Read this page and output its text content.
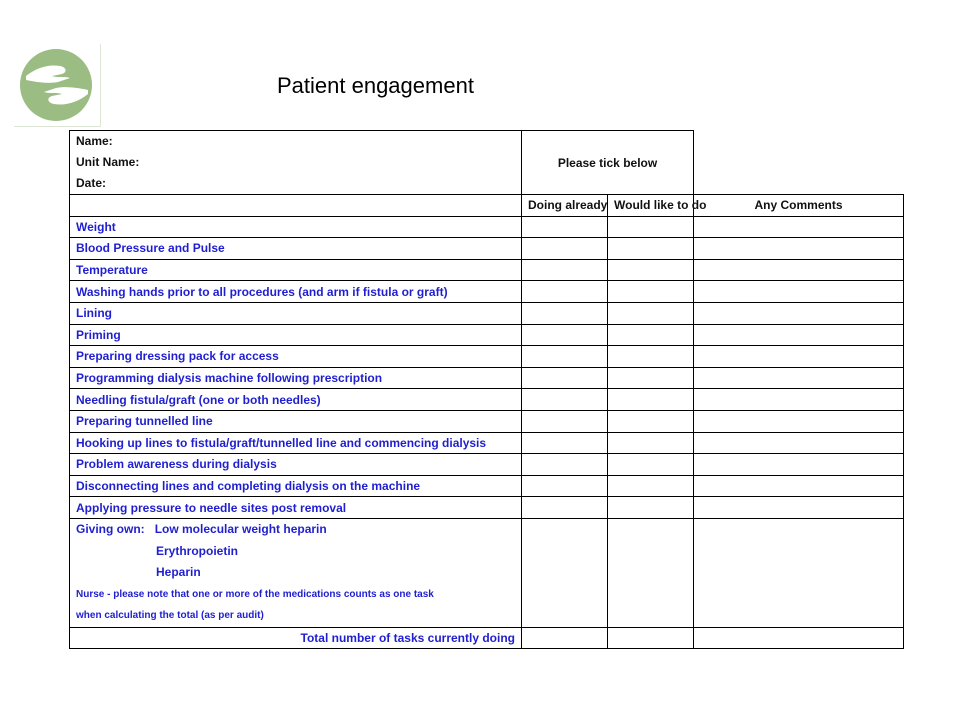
Patient engagement
Name:
Unit Name:
Date:	Please tick below		
	Doing already	Would like to do	Any Comments
Weight			
Blood Pressure and Pulse			
Temperature			
Washing hands prior to all procedures (and arm if fistula or graft)			
Lining			
Priming			
Preparing dressing pack for access			
Programming dialysis machine following prescription			
Needling fistula/graft (one or both needles)			
Preparing tunnelled line			
Hooking up lines to fistula/graft/tunnelled line and commencing dialysis			
Problem awareness during dialysis			
Disconnecting lines and completing dialysis on the machine			
Applying pressure to needle sites post removal			

Giving own: Low molecular weight heparin
Erythropoietin
Heparin
Nurse - please note that one or more of the medications counts as one task
when calculating the total (as per audit)			

Total number of tasks currently doing			
